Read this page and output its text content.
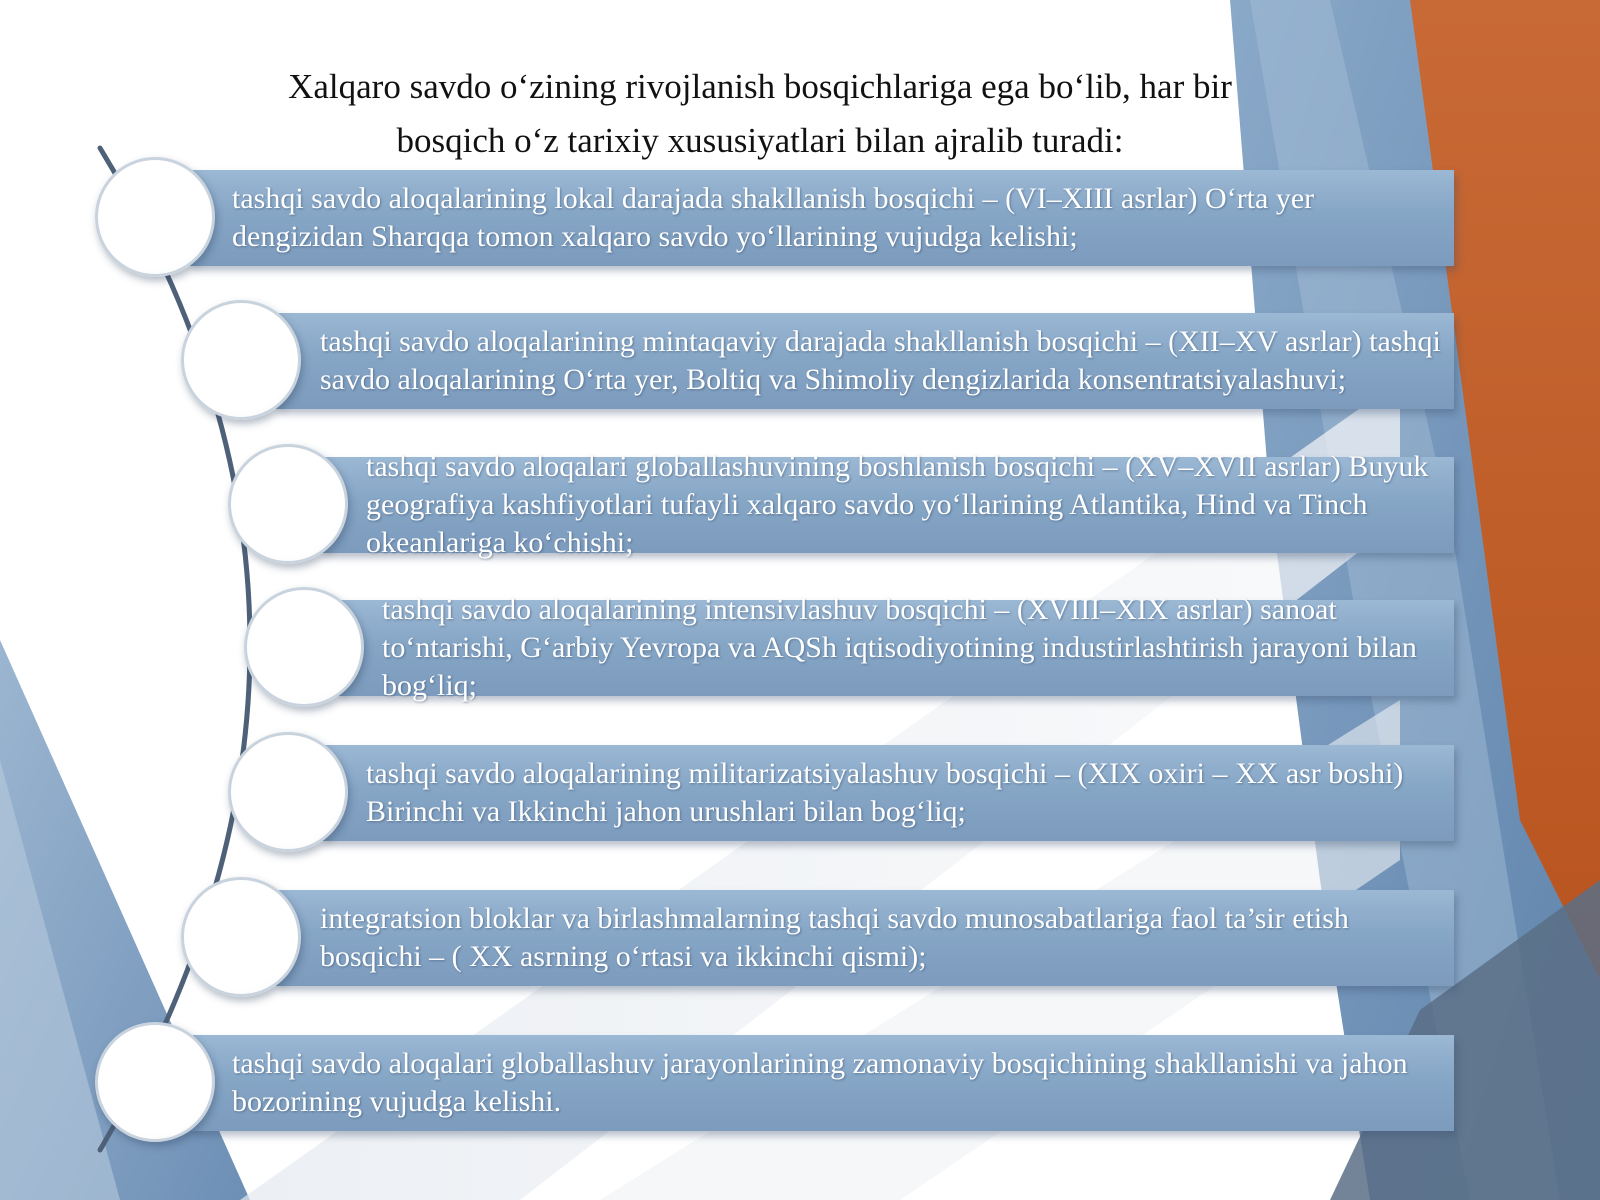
Xalqaro savdo o‘zining rivojlanish bosqichlariga ega bo‘lib, har bir
bosqich o‘z tarixiy xususiyatlari bilan ajralib turadi:
tashqi savdo aloqalarining lokal darajada shakllanish bosqichi – (VI–XIII asrlar) O‘rta yer dengizidan Sharqqa tomon xalqaro savdo yo‘llarining vujudga kelishi;
tashqi savdo aloqalarining mintaqaviy darajada shakllanish bosqichi – (XII–XV asrlar) tashqi savdo aloqalarining O‘rta yer, Boltiq va Shimoliy dengizlarida konsentratsiyalashuvi;
tashqi savdo aloqalari globallashuvining boshlanish bosqichi – (XV–XVII asrlar) Buyuk geografiya kashfiyotlari tufayli xalqaro savdo yo‘llarining Atlantika, Hind va Tinch okeanlariga ko‘chishi;
tashqi savdo aloqalarining intensivlashuv bosqichi – (XVIII–XIX asrlar) sanoat to‘ntarishi, G‘arbiy Yevropa va AQSh iqtisodiyotining industirlashtirish jarayoni bilan bog‘liq;
tashqi savdo aloqalarining militarizatsiyalashuv bosqichi – (XIX oxiri – XX asr boshi) Birinchi va Ikkinchi jahon urushlari bilan bog‘liq;
integratsion bloklar va birlashmalarning tashqi savdo munosabatlariga faol ta’sir etish bosqichi – ( XX asrning o‘rtasi va ikkinchi qismi);
tashqi savdo aloqalari globallashuv jarayonlarining zamonaviy bosqichining shakllanishi va jahon bozorining vujudga kelishi.
